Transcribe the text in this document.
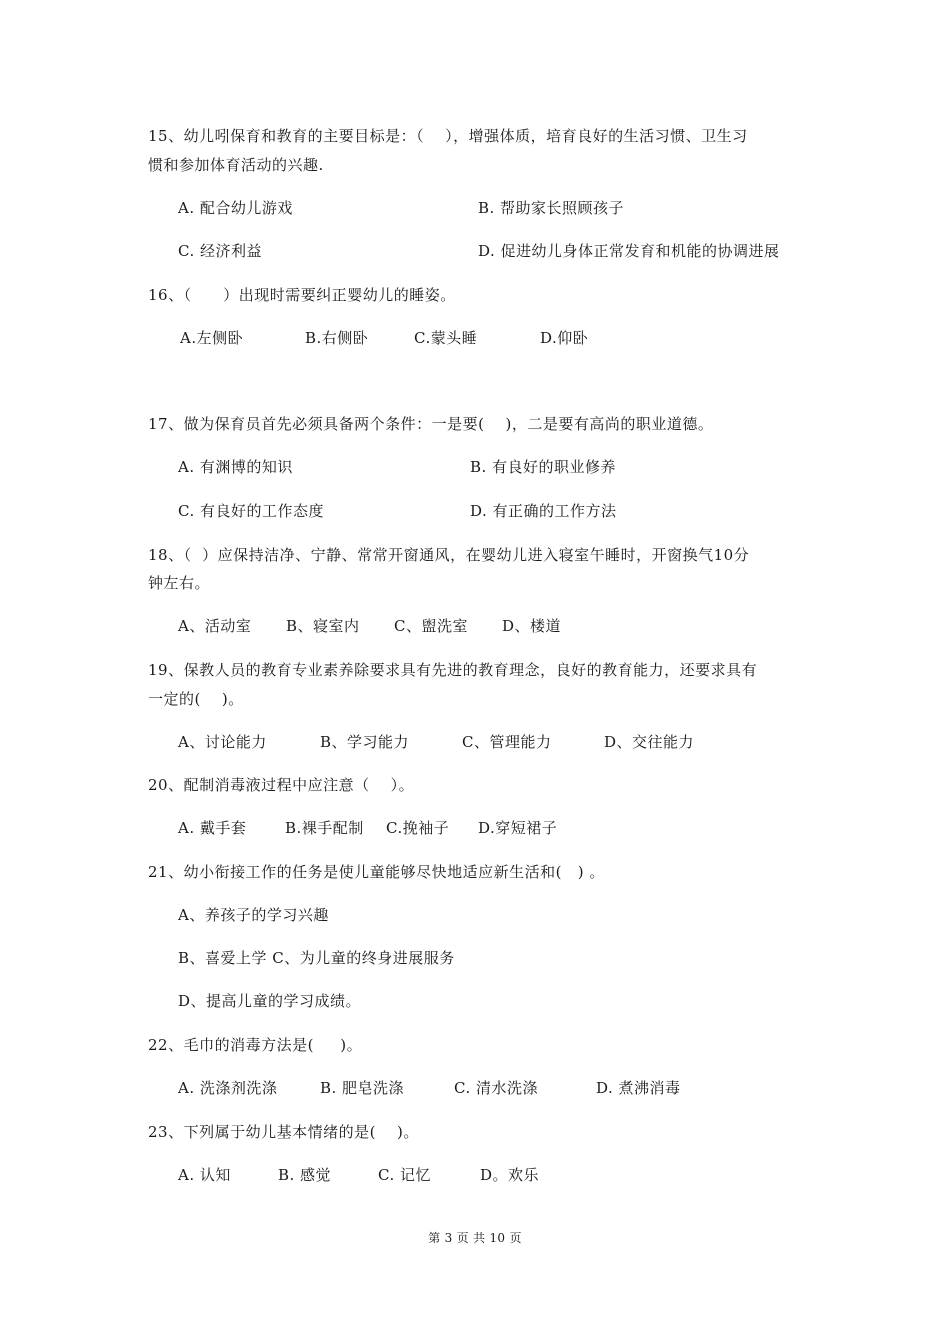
15、幼儿吲保育和教育的主要目标是：（    ），增强体质，培育良好的生活习惯、卫生习
惯和参加体育活动的兴趣.
A. 配合幼儿游戏	B. 帮助家长照顾孩子
C. 经济利益	D. 促进幼儿身体正常发育和机能的协调进展
16、（      ）出现时需要纠正婴幼儿的睡姿。
A.左侧卧	B.右侧卧	C.蒙头睡	D.仰卧
17、做为保育员首先必须具备两个条件：一是要(    )，二是要有高尚的职业道德。
A. 有渊博的知识	B. 有良好的职业修养
C. 有良好的工作态度	D. 有正确的工作方法
18、（  ）应保持洁净、宁静、常常开窗通风，在婴幼儿进入寝室午睡时，开窗换气10分
钟左右。
A、活动室 B、寝室内 C、盥洗室 D、楼道
19、保教人员的教育专业素养除要求具有先进的教育理念，良好的教育能力，还要求具有
一定的(    )。
A、讨论能力	B、学习能力	C、管理能力	D、交往能力
20、配制消毒液过程中应注意（    ）。
A. 戴手套	B.裸手配制 C.挽袖子 D.穿短裙子
21、幼小衔接工作的任务是使儿童能够尽快地适应新生活和(   ) 。
A、养孩子的学习兴趣
B、喜爱上学 C、为儿童的终身进展服务
D、提高儿童的学习成绩。
22、毛巾的消毒方法是(     )。
A. 洗涤剂洗涤	B. 肥皂洗涤	C. 清水洗涤	D. 煮沸消毒
23、下列属于幼儿基本情绪的是(    )。
A. 认知	B. 感觉	C. 记忆	D。欢乐
第 3 页 共 10 页
